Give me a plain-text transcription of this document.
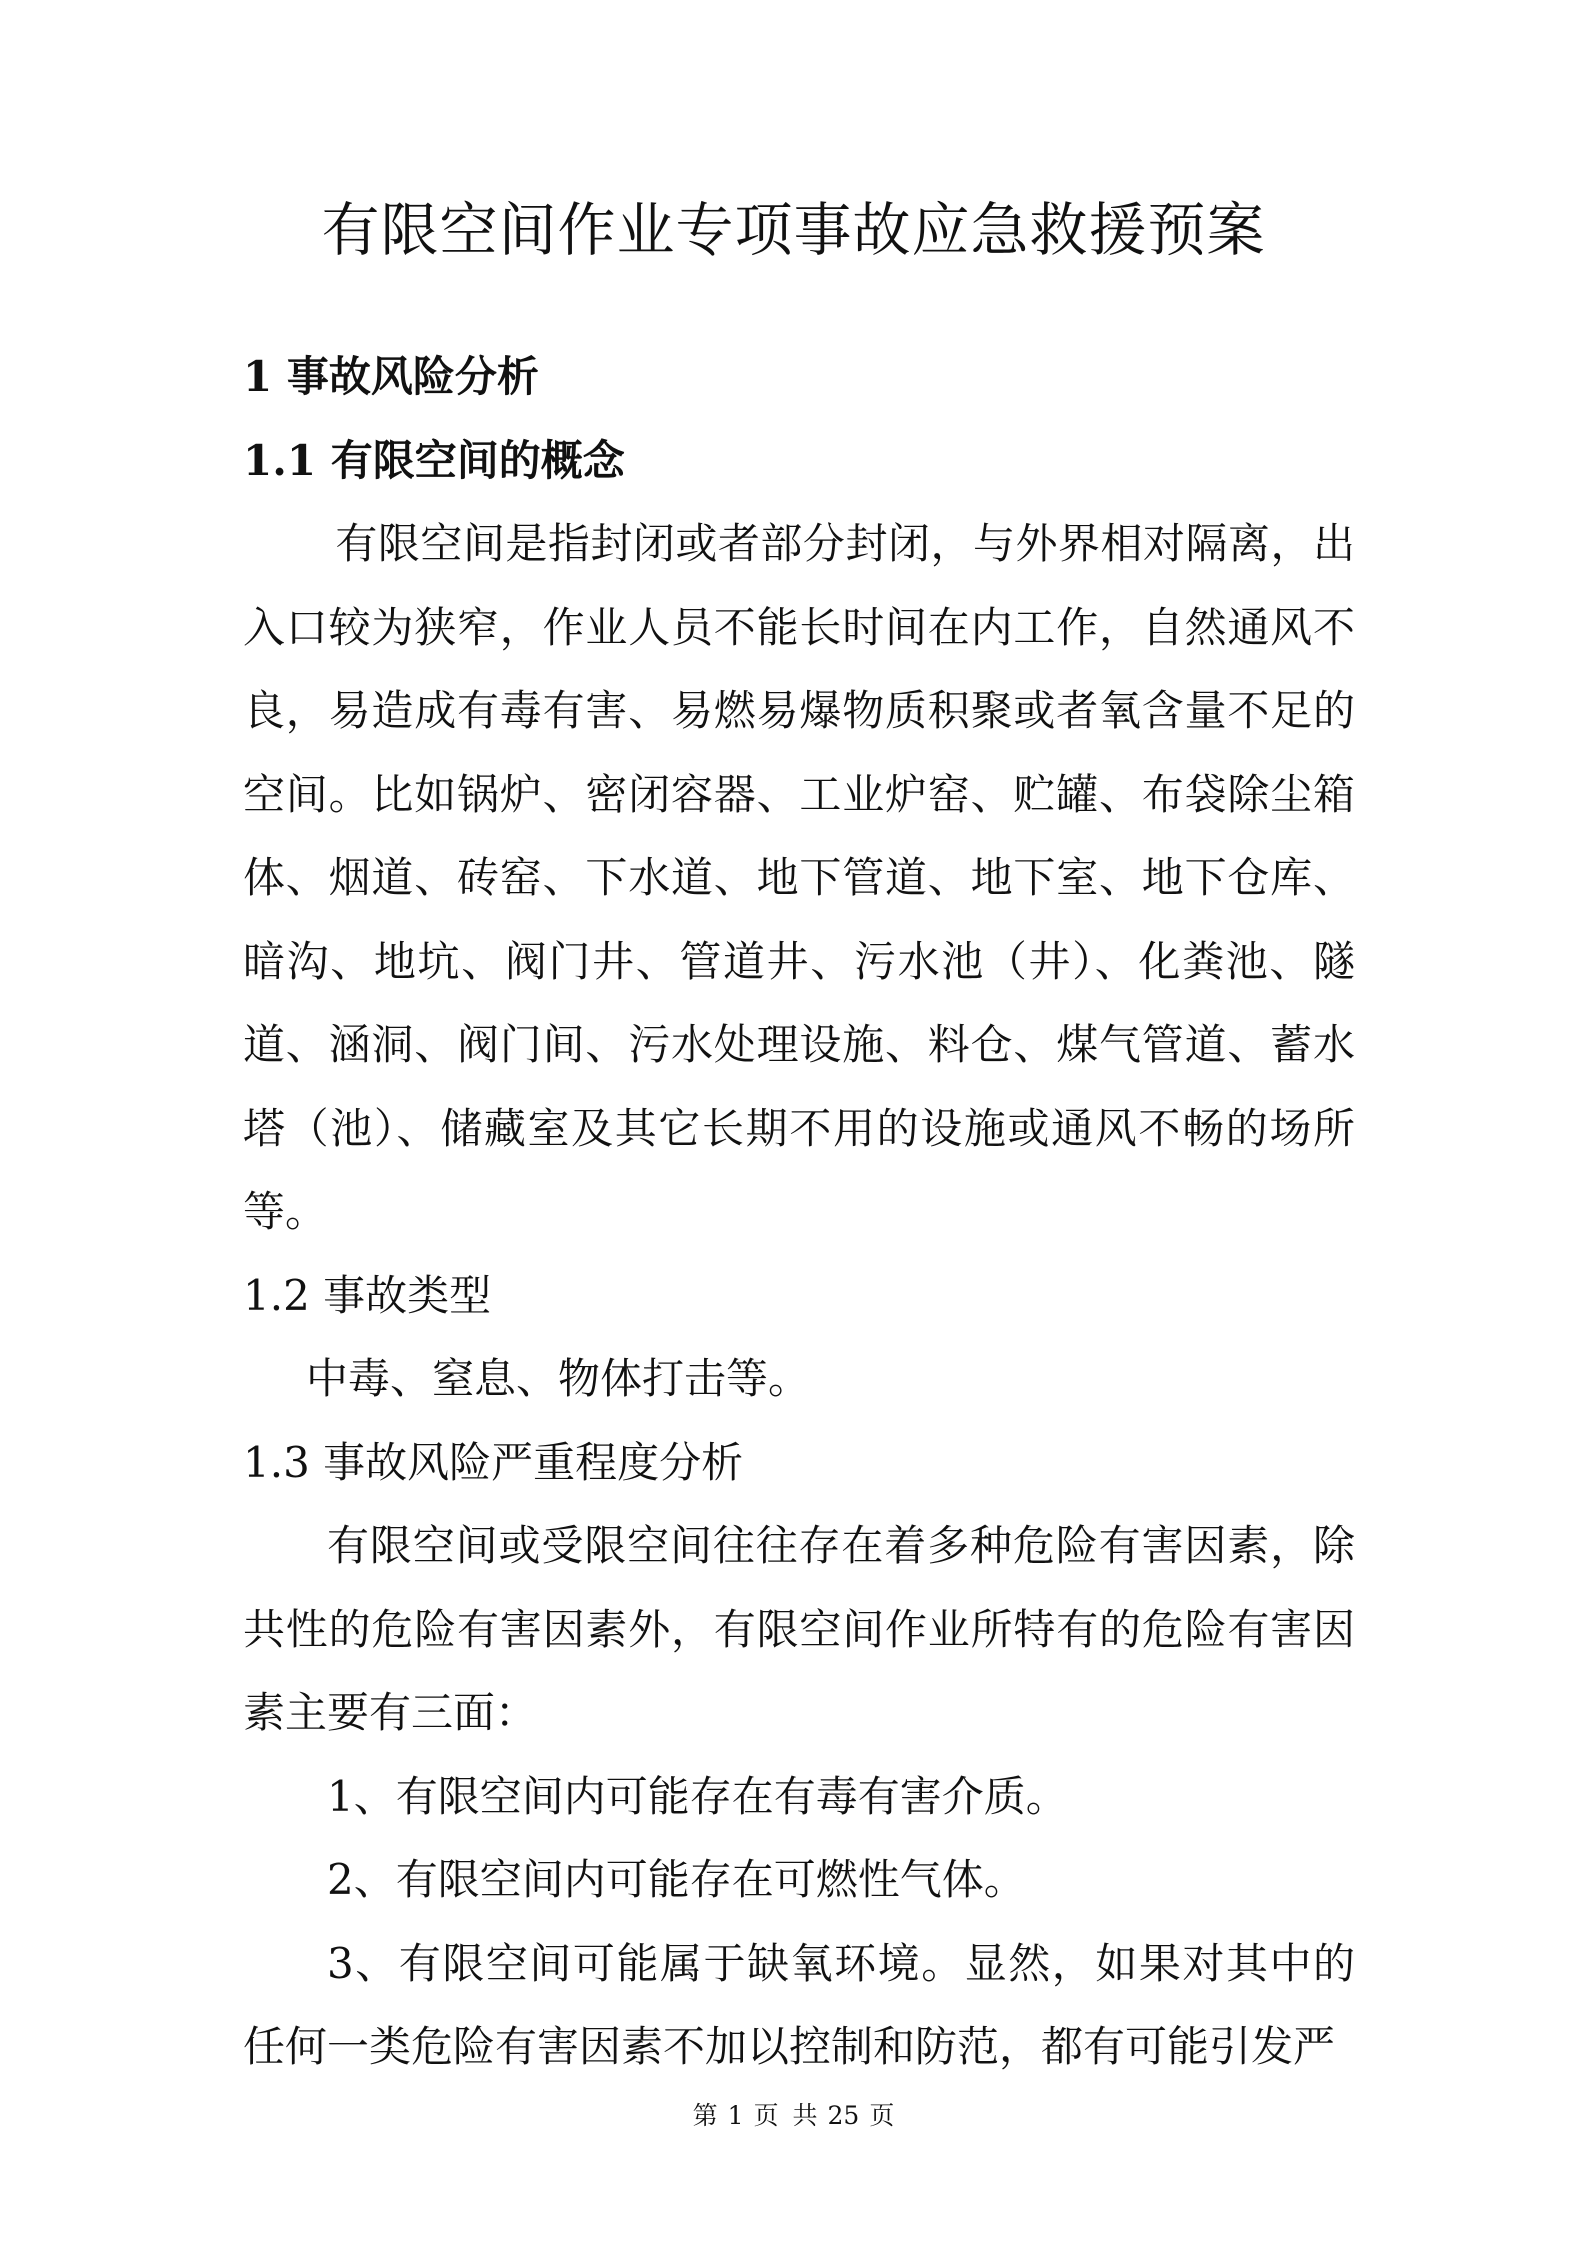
有限空间作业专项事故应急救援预案

1 事故风险分析

1.1 有限空间的概念

有限空间是指封闭或者部分封闭，与外界相对隔离，出入口较为狭窄，作业人员不能长时间在内工作，自然通风不良，易造成有毒有害、易燃易爆物质积聚或者氧含量不足的空间。比如锅炉、密闭容器、工业炉窑、贮罐、布袋除尘箱体、烟道、砖窑、下水道、地下管道、地下室、地下仓库、暗沟、地坑、阀门井、管道井、污水池（井）、化粪池、隧道、涵洞、阀门间、污水处理设施、料仓、煤气管道、蓄水塔（池）、储藏室及其它长期不用的设施或通风不畅的场所等。

1.2 事故类型

中毒、窒息、物体打击等。

1.3 事故风险严重程度分析

有限空间或受限空间往往存在着多种危险有害因素，除共性的危险有害因素外，有限空间作业所特有的危险有害因素主要有三面：

1、有限空间内可能存在有毒有害介质。

2、有限空间内可能存在可燃性气体。

3、有限空间可能属于缺氧环境。显然，如果对其中的任何一类危险有害因素不加以控制和防范，都有可能引发严

第 1 页 共 25 页
